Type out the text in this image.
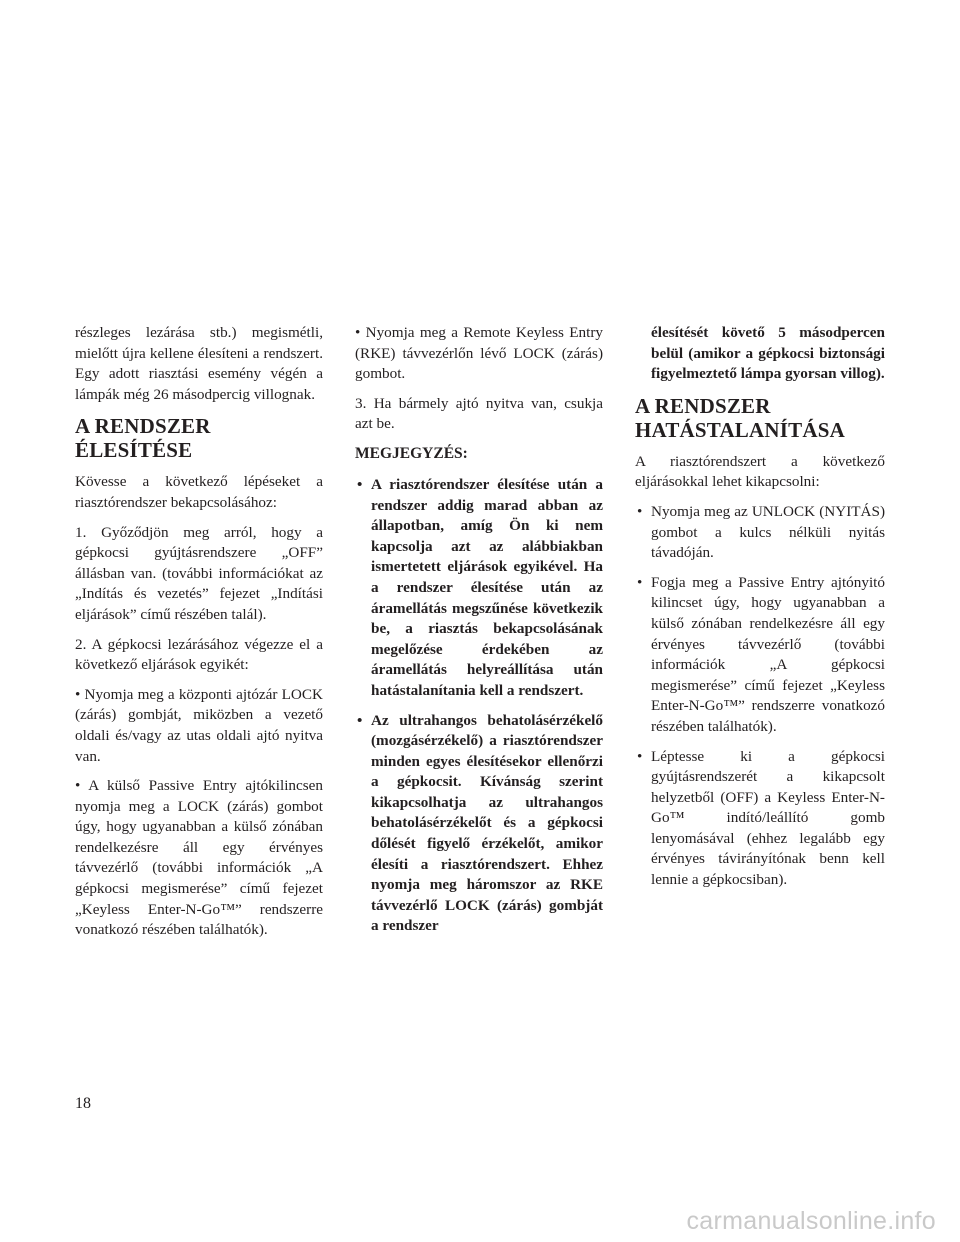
részleges lezárása stb.) megismétli, mielőtt újra kellene élesíteni a rendszert. Egy adott riasztási esemény végén a lámpák még 26 másodpercig villognak.

A RENDSZER ÉLESÍTÉSE

Kövesse a következő lépéseket a riasztórendszer bekapcsolásához:

1. Győződjön meg arról, hogy a gépkocsi gyújtásrendszere „OFF” állásban van. (további információkat az „Indítás és vezetés” fejezet „Indítási eljárások” című részében talál).

2. A gépkocsi lezárásához végezze el a következő eljárások egyikét:

• Nyomja meg a központi ajtózár LOCK (zárás) gombját, miközben a vezető oldali és/vagy az utas oldali ajtó nyitva van.

• A külső Passive Entry ajtókilincsen nyomja meg a LOCK (zárás) gombot úgy, hogy ugyanabban a külső zónában rendelkezésre áll egy érvényes távvezérlő (további információk „A gépkocsi megismerése” című fejezet „Keyless Enter-N-Go™” rendszerre vonatkozó részében találhatók).

• Nyomja meg a Remote Keyless Entry (RKE) távvezérlőn lévő LOCK (zárás) gombot.

3. Ha bármely ajtó nyitva van, csukja azt be.

MEGJEGYZÉS:
• A riasztórendszer élesítése után a rendszer addig marad abban az állapotban, amíg Ön ki nem kapcsolja azt az alábbiakban ismertetett eljárások egyikével. Ha a rendszer élesítése után az áramellátás megszűnése következik be, a riasztás bekapcsolásának megelőzése érdekében az áramellátás helyreállítása után hatástalanítania kell a rendszert.
• Az ultrahangos behatolásérzékelő (mozgásérzékelő) a riasztórendszer minden egyes élesítésekor ellenőrzi a gépkocsit. Kívánság szerint kikapcsolhatja az ultrahangos behatolásérzékelőt és a gépkocsi dőlését figyelő érzékelőt, amikor élesíti a riasztórendszert. Ehhez nyomja meg háromszor az RKE távvezérlő LOCK (zárás) gombját a rendszer

élesítését követő 5 másodpercen belül (amikor a gépkocsi biztonsági figyelmeztető lámpa gyorsan villog).

A RENDSZER HATÁSTALANÍTÁSA

A riasztórendszert a következő eljárásokkal lehet kikapcsolni:

• Nyomja meg az UNLOCK (NYITÁS) gombot a kulcs nélküli nyitás távadóján.
• Fogja meg a Passive Entry ajtónyitó kilincset úgy, hogy ugyanabban a külső zónában rendelkezésre áll egy érvényes távvezérlő (további információk „A gépkocsi megismerése” című fejezet „Keyless Enter-N-Go™” rendszerre vonatkozó részében találhatók).
• Léptesse ki a gépkocsi gyújtásrendszerét a kikapcsolt helyzetből (OFF) a Keyless Enter-N-Go™ indító/leállító gomb lenyomásával (ehhez legalább egy érvényes távirányítónak benn kell lennie a gépkocsiban).
18
carmanualsonline.info
